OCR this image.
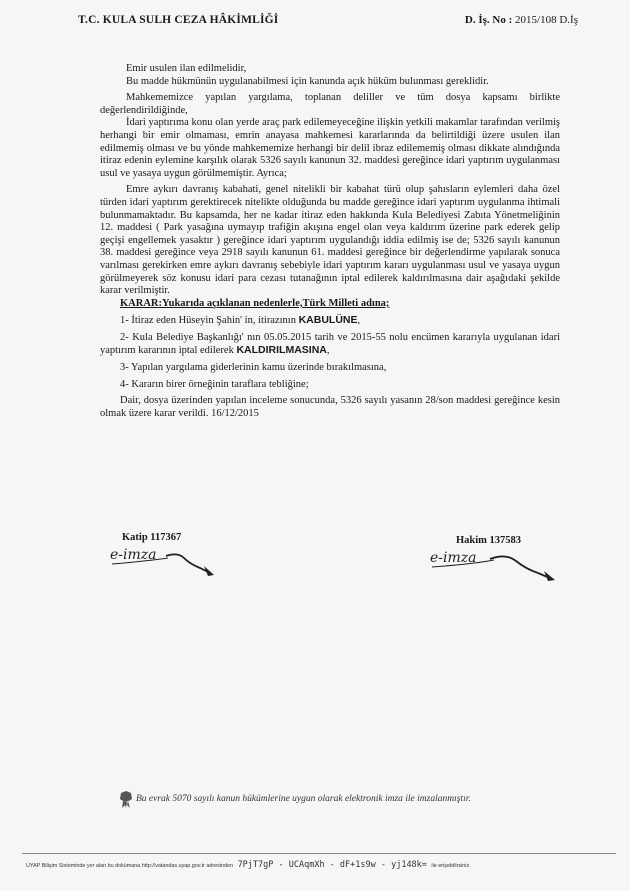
T.C. KULA SULH CEZA HÂKİMLİĞİ	D. İş. No : 2015/108 D.İş

Emir usulen ilan edilmelidir,

Bu madde hükmünün uygulanabilmesi için kanunda açık hüküm bulunması gereklidir.

Mahkememizce yapılan yargılama, toplanan deliller ve tüm dosya kapsamı birlikte değerlendirildiğinde,

İdari yaptırıma konu olan yerde araç park edilemeyeceğine ilişkin yetkili makamlar tarafından verilmiş herhangi bir emir olmaması, emrin anayasa mahkemesi kararlarında da belirtildiği üzere usulen ilan edilmemiş olması ve bu yönde mahkememize herhangi bir delil ibraz edilememiş olması dikkate alındığında itiraz edenin eylemine karşılık olarak 5326 sayılı kanunun 32. maddesi gereğince idari yaptırım uygulanması usul ve yasaya uygun görülmemiştir. Ayrıca;

Emre aykırı davranış kabahati, genel nitelikli bir kabahat türü olup şahısların eylemleri daha özel türden idari yaptırım gerektirecek nitelikte olduğunda bu madde gereğince idari yaptırım uygulanma ihtimali bulunmamaktadır. Bu kapsamda, her ne kadar itiraz eden hakkında Kula Belediyesi Zabıta Yönetmeliğinin 12. maddesi ( Park yasağına uymayıp trafiğin akışına engel olan veya kaldırım üzerine park ederek gelip geçişi engellemek yasaktır ) gereğince idari yaptırım uygulandığı iddia edilmiş ise de; 5326 sayılı kanunun 38. maddesi gereğince veya 2918 sayılı kanunun 61. maddesi gereğince bir değerlendirme yapılarak sonuca varılması gerekirken emre aykırı davranış sebebiyle idari yaptırım kararı uygulanması usul ve yasaya uygun görülmeyerek söz konusu idari para cezası tutanağının iptal edilerek kaldırılmasına dair aşağıdaki şekilde karar verilmiştir.

KARAR:Yukarıda açıklanan nedenlerle,Türk Milleti adına;

1- İtiraz eden Hüseyin Şahin' in, itirazının KABULÜNE,

2- Kula Belediye Başkanlığı' nın 05.05.2015 tarih ve 2015-55 nolu encümen kararıyla uygulanan idari yaptırım kararının iptal edilerek KALDIRILMASINA,

3- Yapılan yargılama giderlerinin kamu üzerinde bırakılmasına,

4- Kararın birer örneğinin taraflara tebliğine;

Dair, dosya üzerinden yapılan inceleme sonucunda, 5326 sayılı yasanın 28/son maddesi gereğince kesin olmak üzere karar verildi. 16/12/2015

Katip 117367	Hakim 137583
e-imza	e-imza
Bu evrak 5070 sayılı kanun hükümlerine uygun olarak elektronik imza ile imzalanmıştır.
UYAP Bilişim Sisteminde yer alan bu dokümana http://vatandas.uyap.gov.tr adresinden 7PjT7gP - UCAqmXh - dF+1s9w - yj148k= ile erişebilirsiniz.
